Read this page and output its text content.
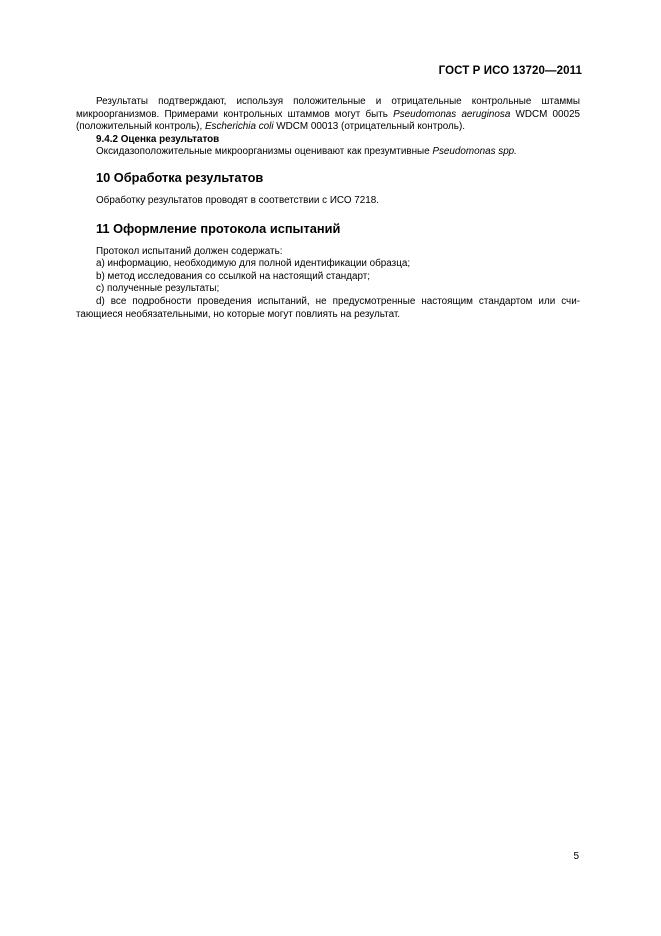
ГОСТ Р ИСО 13720—2011

Результаты подтверждают, используя положительные и отрицательные контрольные штаммы микроорганизмов. Примерами контрольных штаммов могут быть Pseudomonas aeruginosa WDCM 00025 (положительный контроль), Escherichia coli WDCM 00013 (отрицательный контроль).

9.4.2 Оценка результатов

Оксидазоположительные микроорганизмы оценивают как презумтивные Pseudomonas spp.

10 Обработка результатов

Обработку результатов проводят в соответствии с ИСО 7218.

11 Оформление протокола испытаний

Протокол испытаний должен содержать:

a) информацию, необходимую для полной идентификации образца;

b) метод исследования со ссылкой на настоящий стандарт;

c) полученные результаты;

d) все подробности проведения испытаний, не предусмотренные настоящим стандартом или счи-тающиеся необязательными, но которые могут повлиять на результат.

5
